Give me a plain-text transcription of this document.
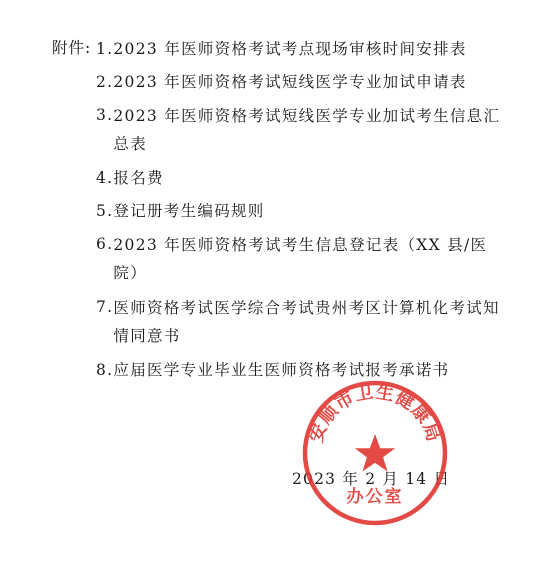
附件: 1. 2023 年医师资格考试考点现场审核时间安排表
2. 2023 年医师资格考试短线医学专业加试申请表
3. 2023 年医师资格考试短线医学专业加试考生信息汇总表
4. 报名费
5. 登记册考生编码规则
6. 2023 年医师资格考试考生信息登记表（XX 县/医院）
7. 医师资格考试医学综合考试贵州考区计算机化考试知情同意书
8. 应届医学专业毕业生医师资格考试报考承诺书
2023 年 2 月 14 日
安顺市卫生健康局
办公室
